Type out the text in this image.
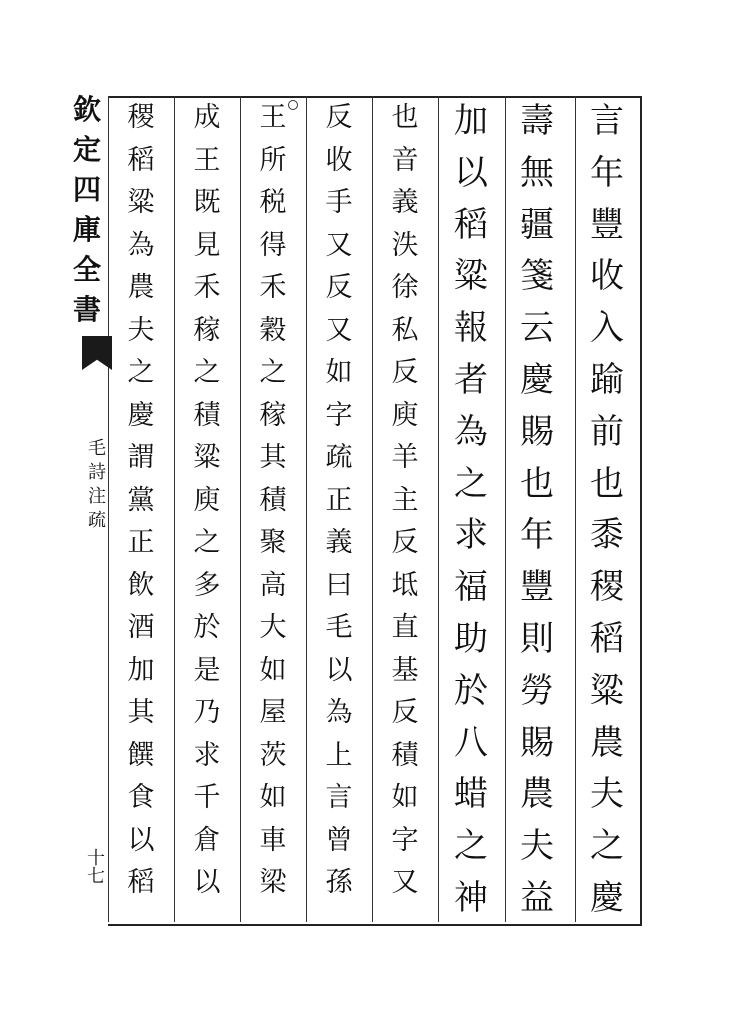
欽
定
四
庫
全
書
毛
詩
注
疏
十
七
言
年
豐
收
入
踰
前
也
黍
稷
稻
粱
農
夫
之
慶
壽
無
疆
箋
云
慶
賜
也
年
豐
則
勞
賜
農
夫
益
加
以
稻
粱
報
者
為
之
求
福
助
於
八
蜡
之
神
也
音
義
泆
徐
私
反
庾
羊
主
反
坻
直
基
反
積
如
字
又
反
收
手
又
反
又
如
字
疏
正
義
曰
毛
以
為
上
言
曾
孫
王
所
税
得
禾
穀
之
稼
其
積
聚
高
大
如
屋
茨
如
車
梁
成
王
既
見
禾
稼
之
積
粱
庾
之
多
於
是
乃
求
千
倉
以
稷
稻
粱
為
農
夫
之
慶
謂
黨
正
飲
酒
加
其
饌
食
以
稻
